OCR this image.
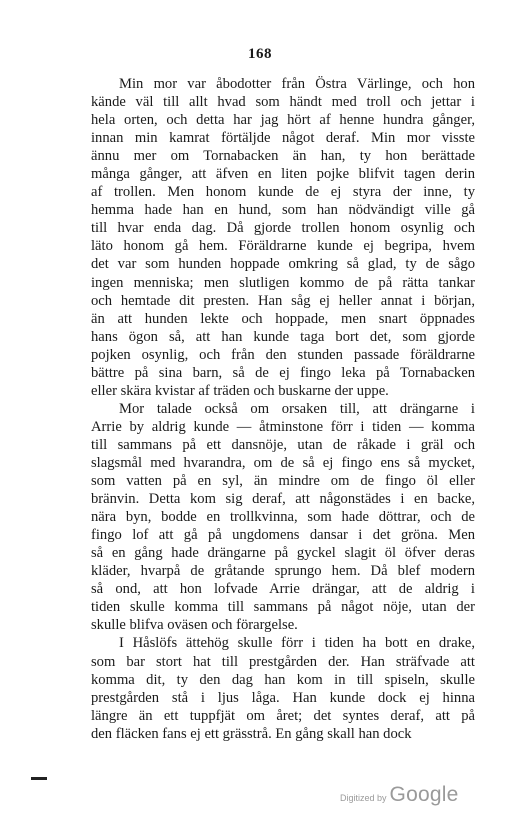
168

Min mor var åbodotter från Östra Värlinge, och hon
kände väl till allt hvad som händt med troll och jettar i
hela orten, och detta har jag hört af henne hundra gånger,
innan min kamrat förtäljde något deraf. Min mor visste
ännu mer om Tornabacken än han, ty hon berättade
många gånger, att äfven en liten pojke blifvit tagen derin
af trollen. Men honom kunde de ej styra der inne, ty
hemma hade han en hund, som han nödvändigt ville gå
till hvar enda dag. Då gjorde trollen honom osynlig och
läto honom gå hem. Föräldrarne kunde ej begripa, hvem
det var som hunden hoppade omkring så glad, ty de sågo
ingen menniska; men slutligen kommo de på rätta tankar
och hemtade dit presten. Han såg ej heller annat i början,
än att hunden lekte och hoppade, men snart öppnades
hans ögon så, att han kunde taga bort det, som gjorde
pojken osynlig, och från den stunden passade föräldrarne
bättre på sina barn, så de ej fingo leka på Tornabacken
eller skära kvistar af träden och buskarne der uppe.

Mor talade också om orsaken till, att drängarne i
Arrie by aldrig kunde — åtminstone förr i tiden — komma
till sammans på ett dansnöje, utan de råkade i gräl och
slagsmål med hvarandra, om de så ej fingo ens så mycket,
som vatten på en syl, än mindre om de fingo öl eller
bränvin. Detta kom sig deraf, att någonstädes i en backe,
nära byn, bodde en trollkvinna, som hade döttrar, och de
fingo lof att gå på ungdomens dansar i det gröna. Men
så en gång hade drängarne på gyckel slagit öl öfver deras
kläder, hvarpå de gråtande sprungo hem. Då blef modern
så ond, att hon lofvade Arrie drängar, att de aldrig i
tiden skulle komma till sammans på något nöje, utan der
skulle blifva oväsen och förargelse.

I Håslöfs ättehög skulle förr i tiden ha bott en drake,
som bar stort hat till prestgården der. Han sträfvade att
komma dit, ty den dag han kom in till spiseln, skulle
prestgården stå i ljus låga. Han kunde dock ej hinna
längre än ett tuppfjät om året; det syntes deraf, att på
den fläcken fans ej ett grässtrå. En gång skall han dock

Digitized by Google
